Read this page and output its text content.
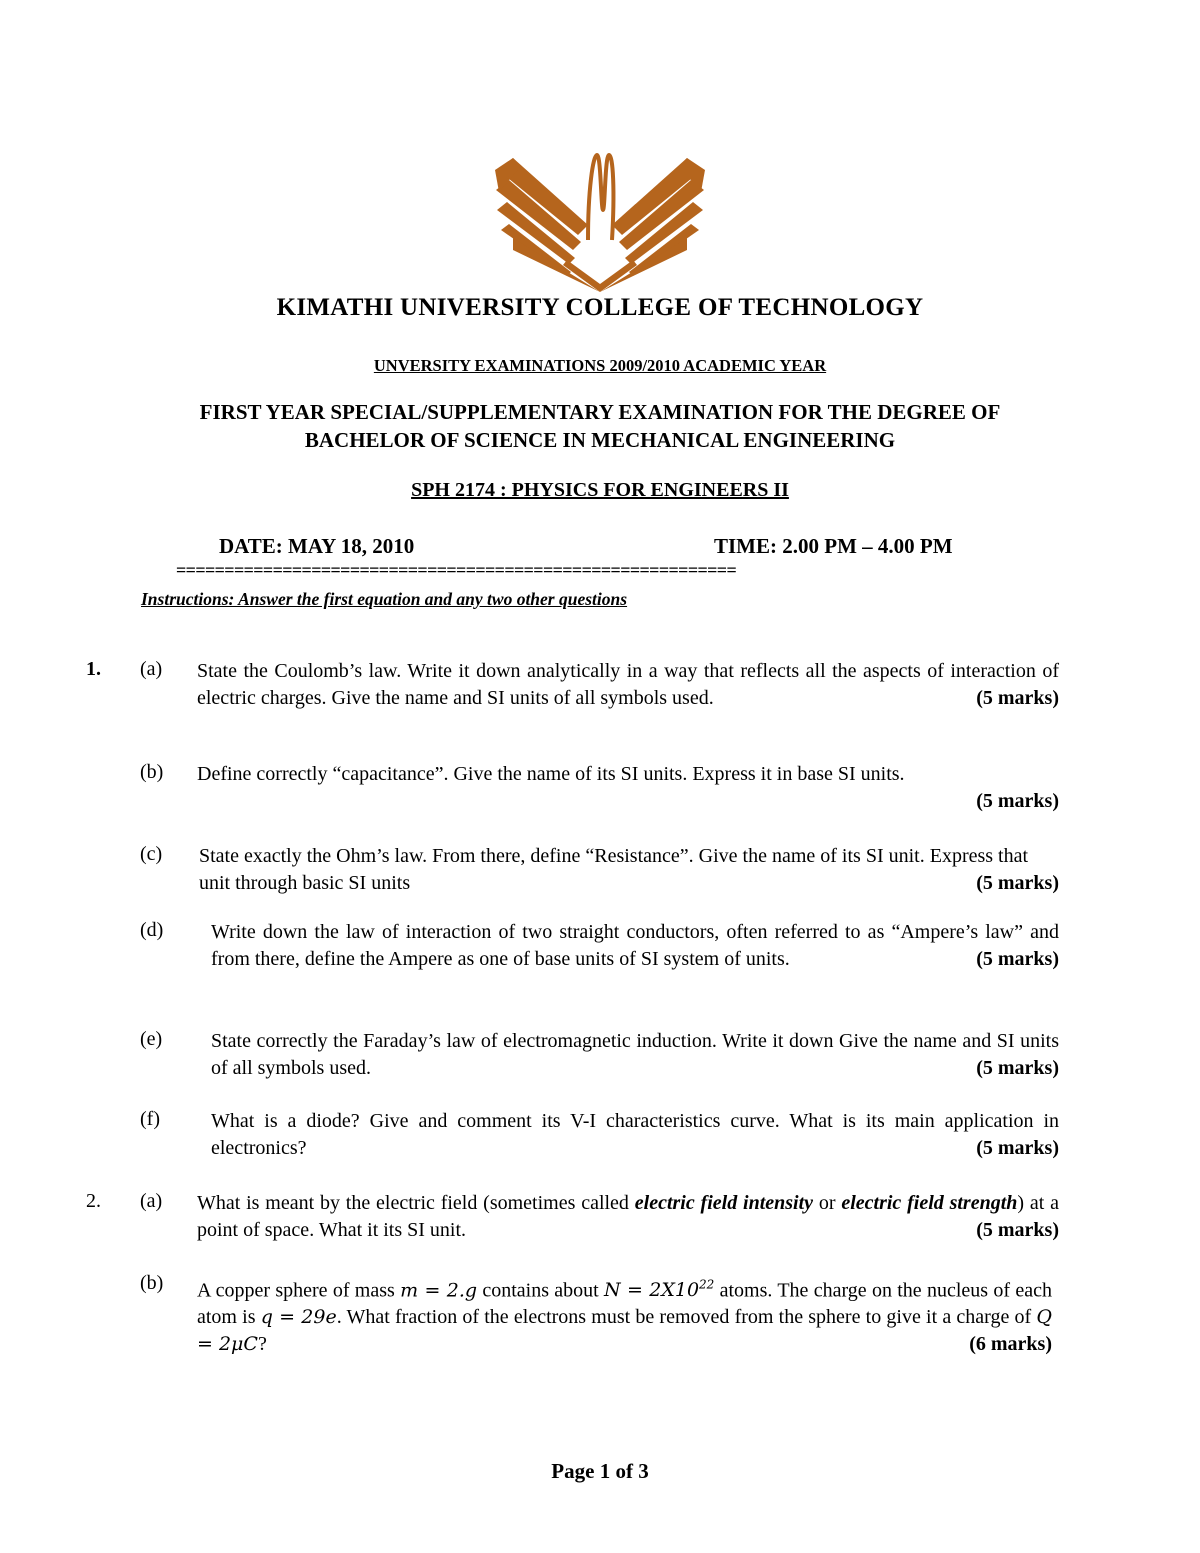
KIMATHI UNIVERSITY COLLEGE OF TECHNOLOGY
UNVERSITY EXAMINATIONS 2009/2010 ACADEMIC YEAR
FIRST YEAR SPECIAL/SUPPLEMENTARY EXAMINATION FOR THE DEGREE OF
BACHELOR OF SCIENCE IN MECHANICAL ENGINEERING
SPH 2174 : PHYSICS FOR ENGINEERS II
DATE: MAY 18, 2010	TIME: 2.00 PM – 4.00 PM
==========================================================
Instructions: Answer the first equation and any two other questions
1. (a) State the Coulomb’s law. Write it down analytically in a way that reflects all the aspects of interaction of electric charges. Give the name and SI units of all symbols used.	(5 marks)
(b) Define correctly “capacitance”. Give the name of its SI units. Express it in base SI units.
(5 marks)
(c) State exactly the Ohm’s law. From there, define “Resistance”. Give the name of its SI unit. Express that unit through basic SI units	(5 marks)
(d) Write down the law of interaction of two straight conductors, often referred to as “Ampere’s law” and from there, define the Ampere as one of base units of SI system of units.	(5 marks)
(e) State correctly the Faraday’s law of electromagnetic induction. Write it down Give the name and SI units of all symbols used.	(5 marks)
(f)	What is a diode? Give and comment its V-I characteristics curve. What is its main application in electronics?	(5 marks)
2. (a) What is meant by the electric field (sometimes called electric field intensity or electric field strength) at a point of space. What it its SI unit.	(5 marks)
(b) A copper sphere of mass m = 2.g contains about $N = 2X10^{22}$ atoms. The charge on the nucleus of each atom is q = 29e. What fraction of the electrons must be removed from the sphere to give it a charge of Q = 2μC?	(6 marks)
Page 1 of 3
